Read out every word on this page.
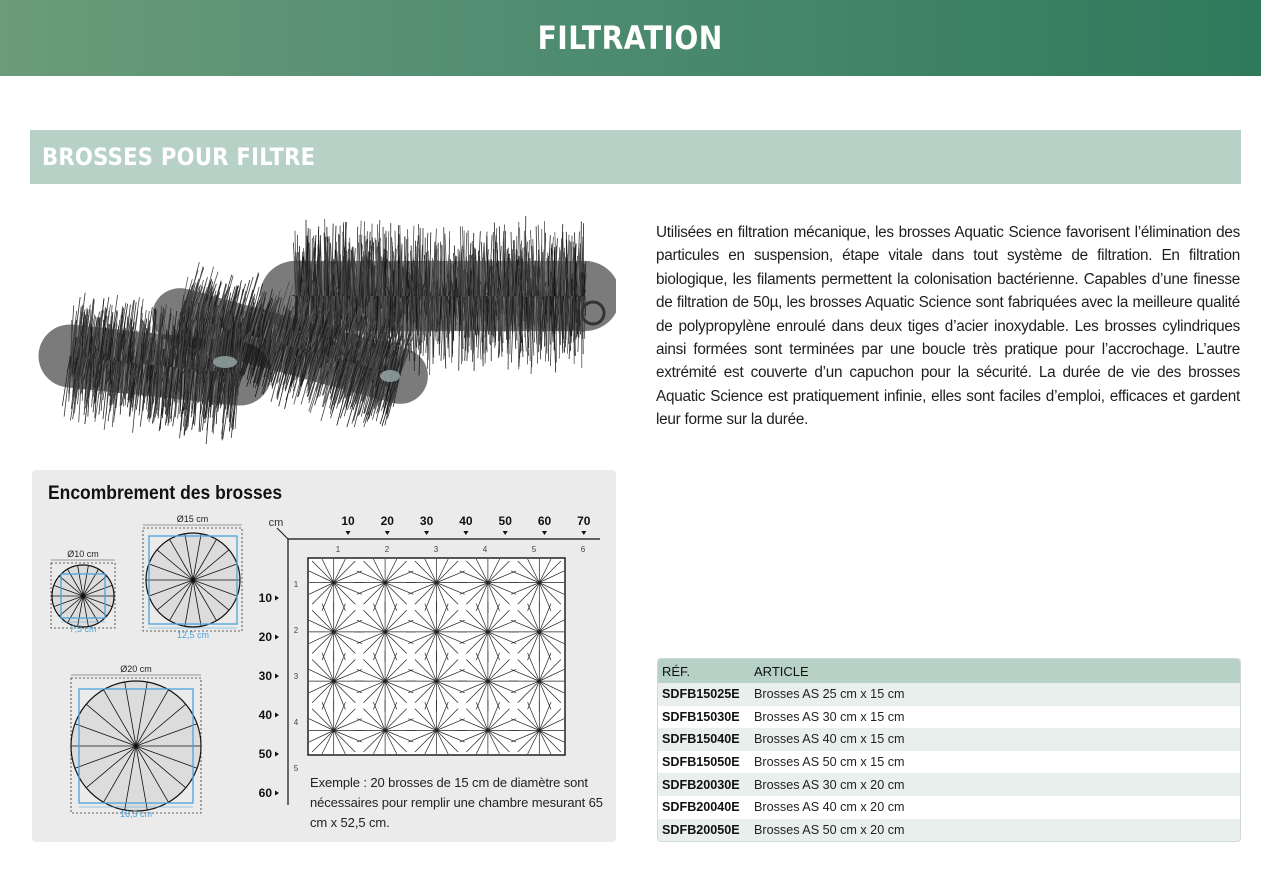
FILTRATION
BROSSES POUR FILTRE
Utilisées en filtration mécanique, les brosses Aquatic Science favorisent l’élimination des particules en suspension, étape vitale dans tout système de filtration. En filtration biologique, les filaments permettent la colonisation bactérienne. Capables d’une finesse de filtration de 50µ, les brosses Aquatic Science sont fabriquées avec la meilleure qualité de polypropylène enroulé dans deux tiges d’acier inoxydable. Les brosses cylindriques ainsi formées sont terminées par une boucle très pratique pour l’accrochage. L’autre extrémité est couverte d’un capuchon pour la sécurité. La durée de vie des brosses Aquatic Science est pratiquement infinie, elles sont faciles d’emploi, efficaces et gardent leur forme sur la durée.
Encombrement des brosses
Ø10 cm
7,5 cm
Ø15 cm
12,5 cm
Ø20 cm
16,5 cm
cm	10 20 30 40 50 60 70
1	2	3	4	5	6
10
20
30
40
50
60
1
2
3
4
5
Exemple : 20 brosses de 15 cm de diamètre sont nécessaires pour remplir une chambre mesurant 65 cm x 52,5 cm.
RÉF.	ARTICLE
SDFB15025E	Brosses AS 25 cm x 15 cm
SDFB15030E	Brosses AS 30 cm x 15 cm
SDFB15040E	Brosses AS 40 cm x 15 cm
SDFB15050E	Brosses AS 50 cm x 15 cm
SDFB20030E	Brosses AS 30 cm x 20 cm
SDFB20040E	Brosses AS 40 cm x 20 cm
SDFB20050E	Brosses AS 50 cm x 20 cm
